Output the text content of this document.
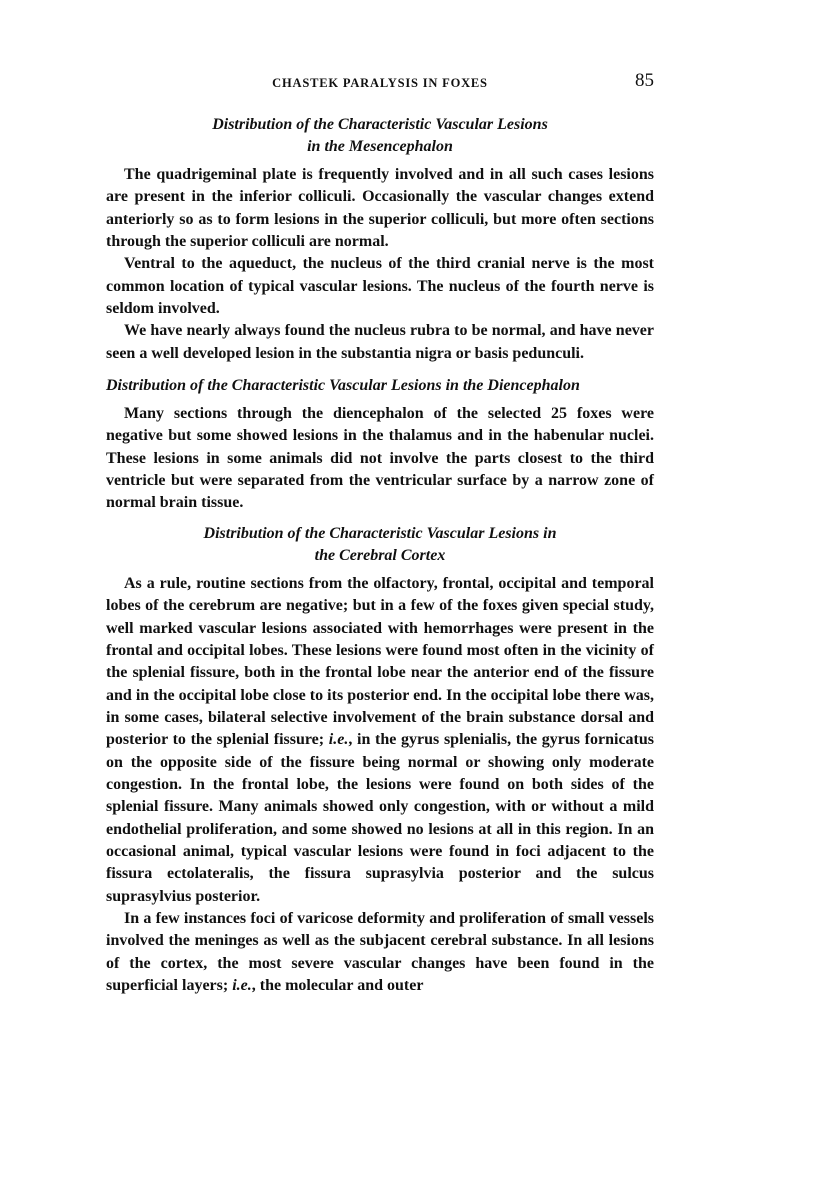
CHASTEK PARALYSIS IN FOXES	85
Distribution of the Characteristic Vascular Lesions
in the Mesencephalon

The quadrigeminal plate is frequently involved and in all such cases lesions are present in the inferior colliculi. Occasionally the vascular changes extend anteriorly so as to form lesions in the superior colliculi, but more often sections through the superior colliculi are normal.

Ventral to the aqueduct, the nucleus of the third cranial nerve is the most common location of typical vascular lesions. The nucleus of the fourth nerve is seldom involved.

We have nearly always found the nucleus rubra to be normal, and have never seen a well developed lesion in the substantia nigra or basis pedunculi.

Distribution of the Characteristic Vascular Lesions in the Diencephalon

Many sections through the diencephalon of the selected 25 foxes were negative but some showed lesions in the thalamus and in the habenular nuclei. These lesions in some animals did not involve the parts closest to the third ventricle but were separated from the ventricular surface by a narrow zone of normal brain tissue.

Distribution of the Characteristic Vascular Lesions in
the Cerebral Cortex

As a rule, routine sections from the olfactory, frontal, occipital and temporal lobes of the cerebrum are negative; but in a few of the foxes given special study, well marked vascular lesions associated with hemorrhages were present in the frontal and occipital lobes. These lesions were found most often in the vicinity of the splenial fissure, both in the frontal lobe near the anterior end of the fissure and in the occipital lobe close to its posterior end. In the occipital lobe there was, in some cases, bilateral selective involvement of the brain substance dorsal and posterior to the splenial fissure; i.e., in the gyrus splenialis, the gyrus fornicatus on the opposite side of the fissure being normal or showing only moderate congestion. In the frontal lobe, the lesions were found on both sides of the splenial fissure. Many animals showed only congestion, with or without a mild endothelial proliferation, and some showed no lesions at all in this region. In an occasional animal, typical vascular lesions were found in foci adjacent to the fissura ectolateralis, the fissura suprasylvia posterior and the sulcus suprasylvius posterior.

In a few instances foci of varicose deformity and proliferation of small vessels involved the meninges as well as the subjacent cerebral substance. In all lesions of the cortex, the most severe vascular changes have been found in the superficial layers; i.e., the molecular and outer
